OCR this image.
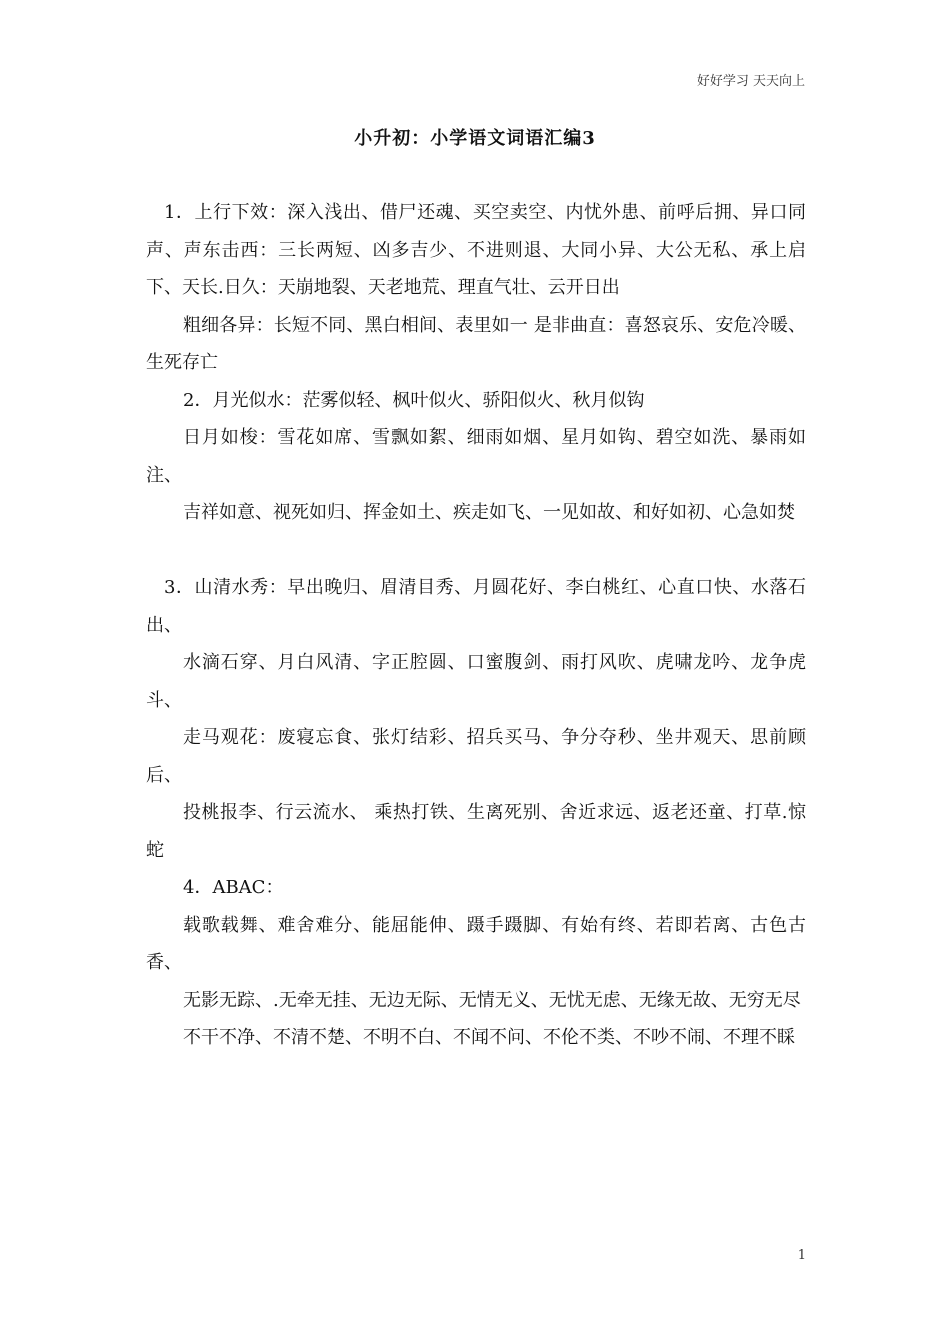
好好学习 天天向上
小升初：小学语文词语汇编3

1．上行下效：深入浅出、借尸还魂、买空卖空、内忧外患、前呼后拥、异口同声、声东击西：三长两短、凶多吉少、不进则退、大同小异、大公无私、承上启下、天长.日久：天崩地裂、天老地荒、理直气壮、云开日出

粗细各异：长短不同、黑白相间、表里如一 是非曲直：喜怒哀乐、安危冷暖、生死存亡

2．月光似水：茫雾似轻、枫叶似火、骄阳似火、秋月似钩

日月如梭：雪花如席、雪飘如絮、细雨如烟、星月如钩、碧空如洗、暴雨如注、

吉祥如意、视死如归、挥金如土、疾走如飞、一见如故、和好如初、心急如焚

3．山清水秀：早出晚归、眉清目秀、月圆花好、李白桃红、心直口快、水落石出、

水滴石穿、月白风清、字正腔圆、口蜜腹剑、雨打风吹、虎啸龙吟、龙争虎斗、

走马观花：废寝忘食、张灯结彩、招兵买马、争分夺秒、坐井观天、思前顾后、

投桃报李、行云流水、 乘热打铁、生离死别、舍近求远、返老还童、打草.惊蛇

4．ABAC：

载歌载舞、难舍难分、能屈能伸、蹑手蹑脚、有始有终、若即若离、古色古香、

无影无踪、.无牵无挂、无边无际、无情无义、无忧无虑、无缘无故、无穷无尽

不干不净、不清不楚、不明不白、不闻不问、不伦不类、不吵不闹、不理不睬

1
